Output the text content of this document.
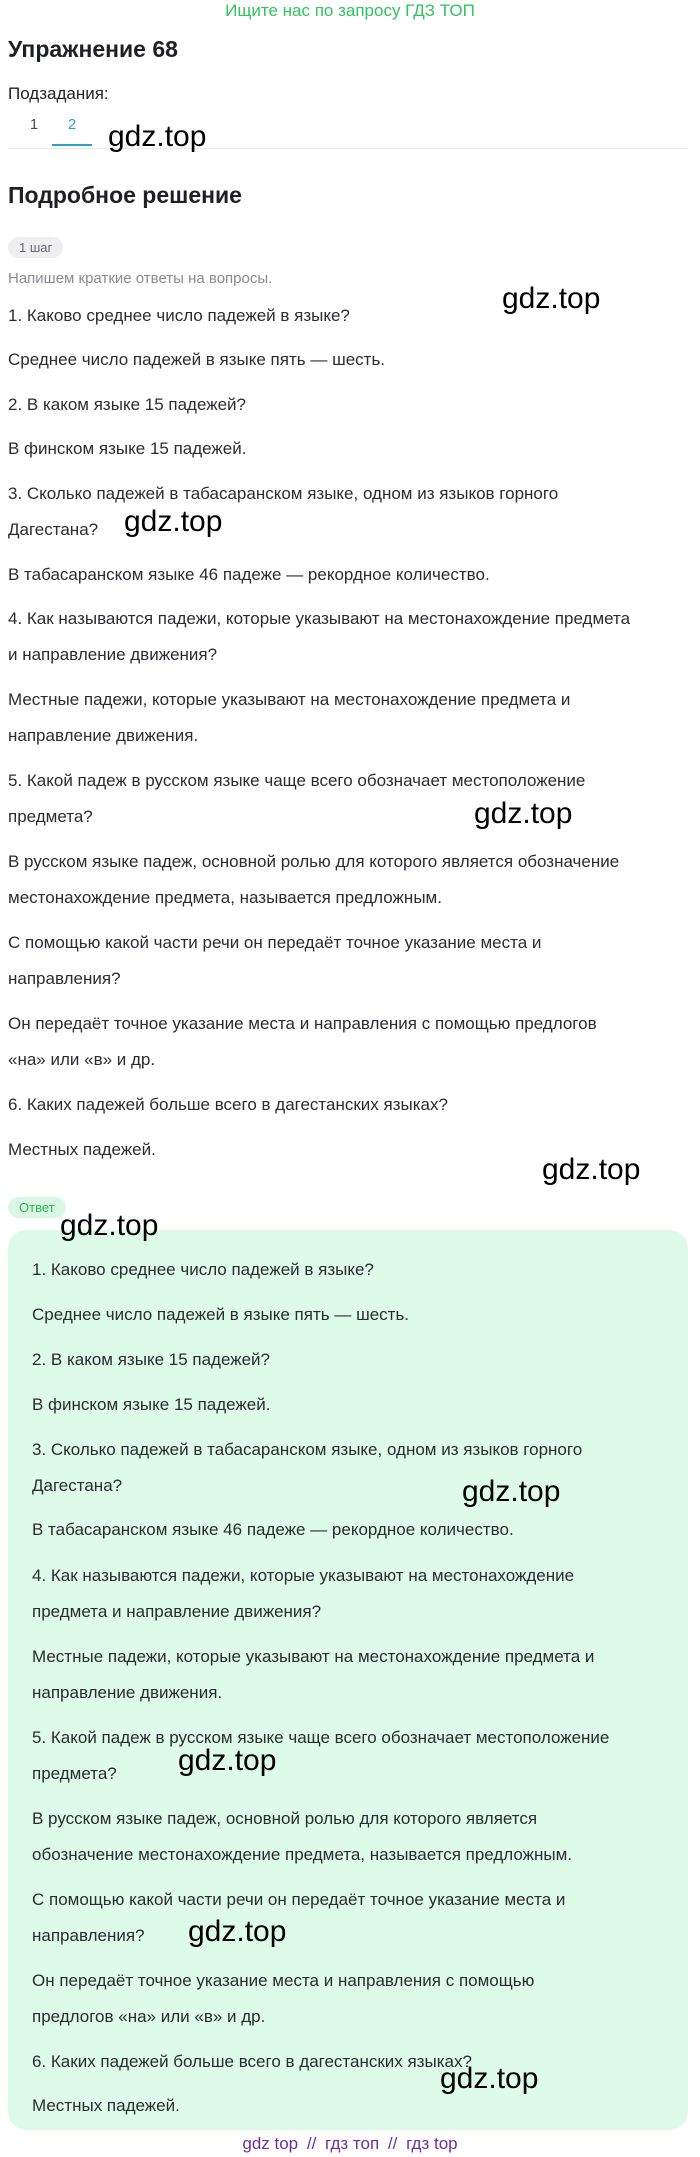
Ищите нас по запросу ГДЗ ТОП
Упражнение 68
Подзадания:
1	2
Подробное решение
1 шаг
Напишем краткие ответы на вопросы.
1. Каково среднее число падежей в языке?
Среднее число падежей в языке пять — шесть.
2. В каком языке 15 падежей?
В финском языке 15 падежей.
3. Сколько падежей в табасаранском языке, одном из языков горного
Дагестана?
В табасаранском языке 46 падеже — рекордное количество.
4. Как называются падежи, которые указывают на местонахождение предмета
и направление движения?
Местные падежи, которые указывают на местонахождение предмета и
направление движения.
5. Какой падеж в русском языке чаще всего обозначает местоположение
предмета?
В русском языке падеж, основной ролью для которого является обозначение
местонахождение предмета, называется предложным.
С помощью какой части речи он передаёт точное указание места и
направления?
Он передаёт точное указание места и направления с помощью предлогов
«на» или «в» и др.
6. Каких падежей больше всего в дагестанских языках?
Местных падежей.
Ответ
1. Каково среднее число падежей в языке?
Среднее число падежей в языке пять — шесть.
2. В каком языке 15 падежей?
В финском языке 15 падежей.
3. Сколько падежей в табасаранском языке, одном из языков горного
Дагестана?
В табасаранском языке 46 падеже — рекордное количество.
4. Как называются падежи, которые указывают на местонахождение
предмета и направление движения?
Местные падежи, которые указывают на местонахождение предмета и
направление движения.
5. Какой падеж в русском языке чаще всего обозначает местоположение
предмета?
В русском языке падеж, основной ролью для которого является
обозначение местонахождение предмета, называется предложным.
С помощью какой части речи он передаёт точное указание места и
направления?
Он передаёт точное указание места и направления с помощью
предлогов «на» или «в» и др.
6. Каких падежей больше всего в дагестанских языках?
Местных падежей.
gdz.top
gdz.top
gdz.top
gdz.top
gdz.top
gdz.top
gdz.top
gdz.top
gdz.top
gdz.top
gdz top // гдз топ // гдз top
